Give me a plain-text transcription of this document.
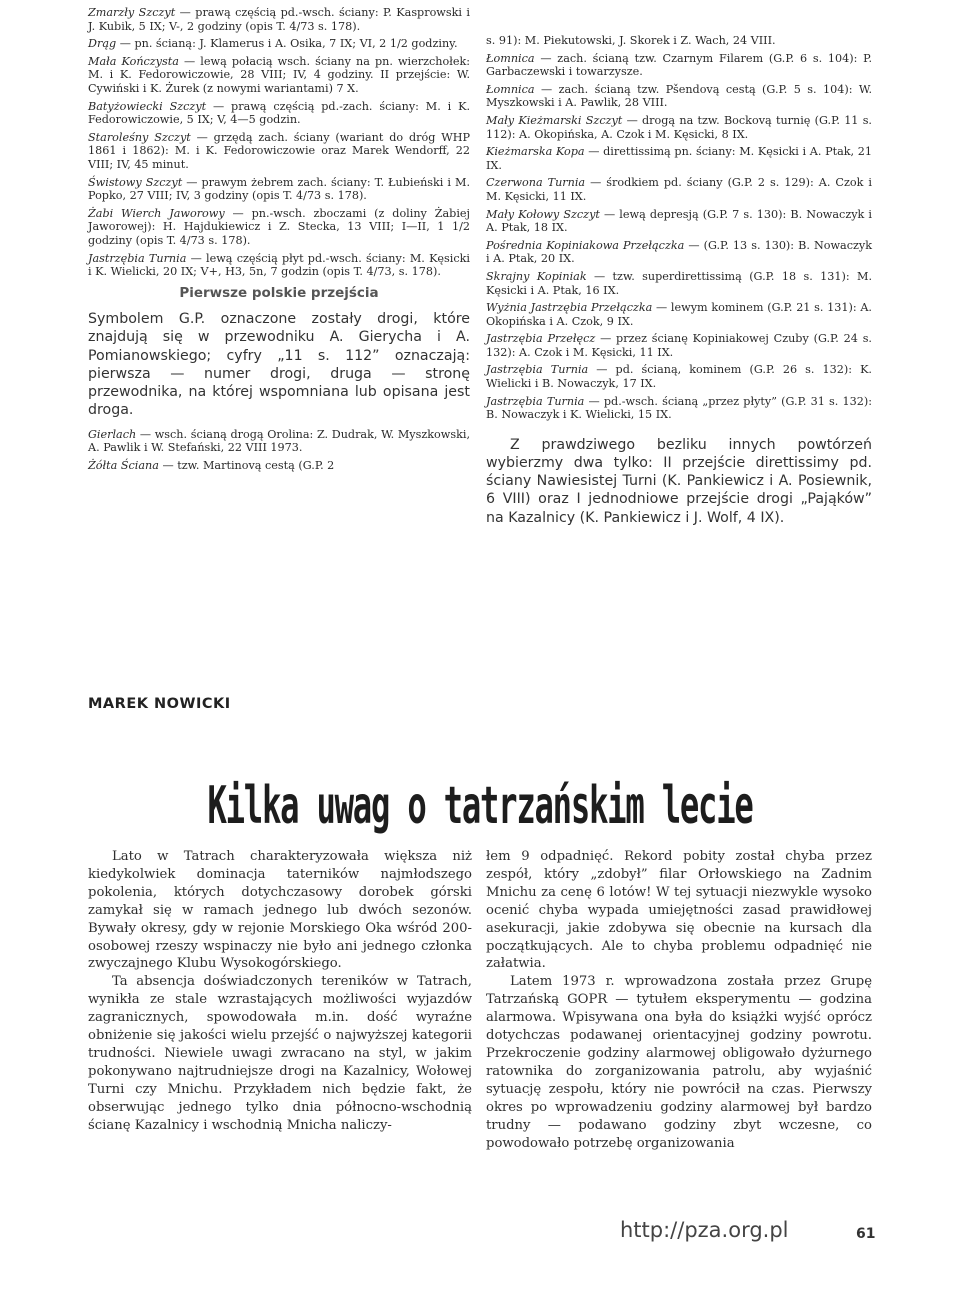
Zmarzły Szczyt — prawą częścią pd.-wsch. ściany: P. Kasprowski i J. Kubik, 5 IX; V-, 2 godziny (opis T. 4/73 s. 178).

Drąg — pn. ścianą: J. Klamerus i A. Osika, 7 IX; VI, 2 1/2 godziny.

Mała Kończysta — lewą połacią wsch. ściany na pn. wierzchołek: M. i K. Fedorowiczowie, 28 VIII; IV, 4 godziny. II przejście: W. Cywiński i K. Żurek (z nowymi wariantami) 7 X.

Batyżowiecki Szczyt — prawą częścią pd.-zach. ściany: M. i K. Fedorowiczowie, 5 IX; V, 4—5 godzin.

Staroleśny Szczyt — grzędą zach. ściany (wariant do dróg WHP 1861 i 1862): M. i K. Fedorowiczowie oraz Marek Wendorff, 22 VIII; IV, 45 minut.

Świstowy Szczyt — prawym żebrem zach. ściany: T. Łubieński i M. Popko, 27 VIII; IV, 3 godziny (opis T. 4/73 s. 178).

Żabi Wierch Jaworowy — pn.-wsch. zboczami (z doliny Żabiej Jaworowej): H. Hajdukiewicz i Z. Stecka, 13 VIII; I—II, 1 1/2 godziny (opis T. 4/73 s. 178).

Jastrzębia Turnia — lewą częścią płyt pd.-wsch. ściany: M. Kęsicki i K. Wielicki, 20 IX; V+, H3, 5n, 7 godzin (opis T. 4/73, s. 178).

Pierwsze polskie przejścia

Symbolem G.P. oznaczone zostały drogi, które znajdują się w przewodniku A. Gierycha i A. Pomianowskiego; cyfry „11 s. 112” oznaczają: pierwsza — numer drogi, druga — stronę przewodnika, na której wspomniana lub opisana jest droga.

Gierlach — wsch. ścianą drogą Orolina: Z. Dudrak, W. Myszkowski, A. Pawlik i W. Stefański, 22 VIII 1973.

Żółta Ściana — tzw. Martinovą cestą (G.P. 2

s. 91): M. Piekutowski, J. Skorek i Z. Wach, 24 VIII.

Łomnica — zach. ścianą tzw. Czarnym Filarem (G.P. 6 s. 104): P. Garbaczewski i towarzysze.

Łomnica — zach. ścianą tzw. Pšendovą cestą (G.P. 5 s. 104): W. Myszkowski i A. Pawlik, 28 VIII.

Mały Kieżmarski Szczyt — drogą na tzw. Bockovą turnię (G.P. 11 s. 112): A. Okopińska, A. Czok i M. Kęsicki, 8 IX.

Kieżmarska Kopa — direttissimą pn. ściany: M. Kęsicki i A. Ptak, 21 IX.

Czerwona Turnia — środkiem pd. ściany (G.P. 2 s. 129): A. Czok i M. Kęsicki, 11 IX.

Mały Kołowy Szczyt — lewą depresją (G.P. 7 s. 130): B. Nowaczyk i A. Ptak, 18 IX.

Pośrednia Kopiniakowa Przełączka — (G.P. 13 s. 130): B. Nowaczyk i A. Ptak, 20 IX.

Skrajny Kopiniak — tzw. superdirettissimą (G.P. 18 s. 131): M. Kęsicki i A. Ptak, 16 IX.

Wyżnia Jastrzębia Przełączka — lewym kominem (G.P. 21 s. 131): A. Okopińska i A. Czok, 9 IX.

Jastrzębia Przełęcz — przez ścianę Kopiniakowej Czuby (G.P. 24 s. 132): A. Czok i M. Kęsicki, 11 IX.

Jastrzębia Turnia — pd. ścianą, kominem (G.P. 26 s. 132): K. Wielicki i B. Nowaczyk, 17 IX.

Jastrzębia Turnia — pd.-wsch. ścianą „przez płyty” (G.P. 31 s. 132): B. Nowaczyk i K. Wielicki, 15 IX.

Z prawdziwego bezliku innych powtórzeń wybierzmy dwa tylko: II przejście direttissimy pd. ściany Nawiesistej Turni (K. Pankiewicz i A. Posiewnik, 6 VIII) oraz I jednodniowe przejście drogi „Pająków” na Kazalnicy (K. Pankiewicz i J. Wolf, 4 IX).

MAREK NOWICKI
Kilka uwag o tatrzańskim lecie

Lato w Tatrach charakteryzowała większa niż kiedykolwiek dominacja taterników najmłodszego pokolenia, których dotychczasowy dorobek górski zamykał się w ramach jednego lub dwóch sezonów. Bywały okresy, gdy w rejonie Morskiego Oka wśród 200-osobowej rzeszy wspinaczy nie było ani jednego członka zwyczajnego Klubu Wysokogórskiego.

Ta absencja doświadczonych tereników w Tatrach, wynikła ze stale wzrastających możliwości wyjazdów zagranicznych, spowodowała m.in. dość wyraźne obniżenie się jakości wielu przejść o najwyższej kategorii trudności. Niewiele uwagi zwracano na styl, w jakim pokonywano najtrudniejsze drogi na Kazalnicy, Wołowej Turni czy Mnichu. Przykładem nich będzie fakt, że obserwując jednego tylko dnia północno-wschodnią ścianę Kazalnicy i wschodnią Mnicha naliczy-

łem 9 odpadnięć. Rekord pobity został chyba przez zespół, który „zdobył” filar Orłowskiego na Zadnim Mnichu za cenę 6 lotów! W tej sytuacji niezwykle wysoko ocenić chyba wypada umiejętności zasad prawidłowej asekuracji, jakie zdobywa się obecnie na kursach dla początkujących. Ale to chyba problemu odpadnięć nie załatwia.

Latem 1973 r. wprowadzona została przez Grupę Tatrzańską GOPR — tytułem eksperymentu — godzina alarmowa. Wpisywana ona była do książki wyjść oprócz dotychczas podawanej orientacyjnej godziny powrotu. Przekroczenie godziny alarmowej obligowało dyżurnego ratownika do zorganizowania patrolu, aby wyjaśnić sytuację zespołu, który nie powrócił na czas. Pierwszy okres po wprowadzeniu godziny alarmowej był bardzo trudny — podawano godziny zbyt wczesne, co powodowało potrzebę organizowania

http://pza.org.pl	61
